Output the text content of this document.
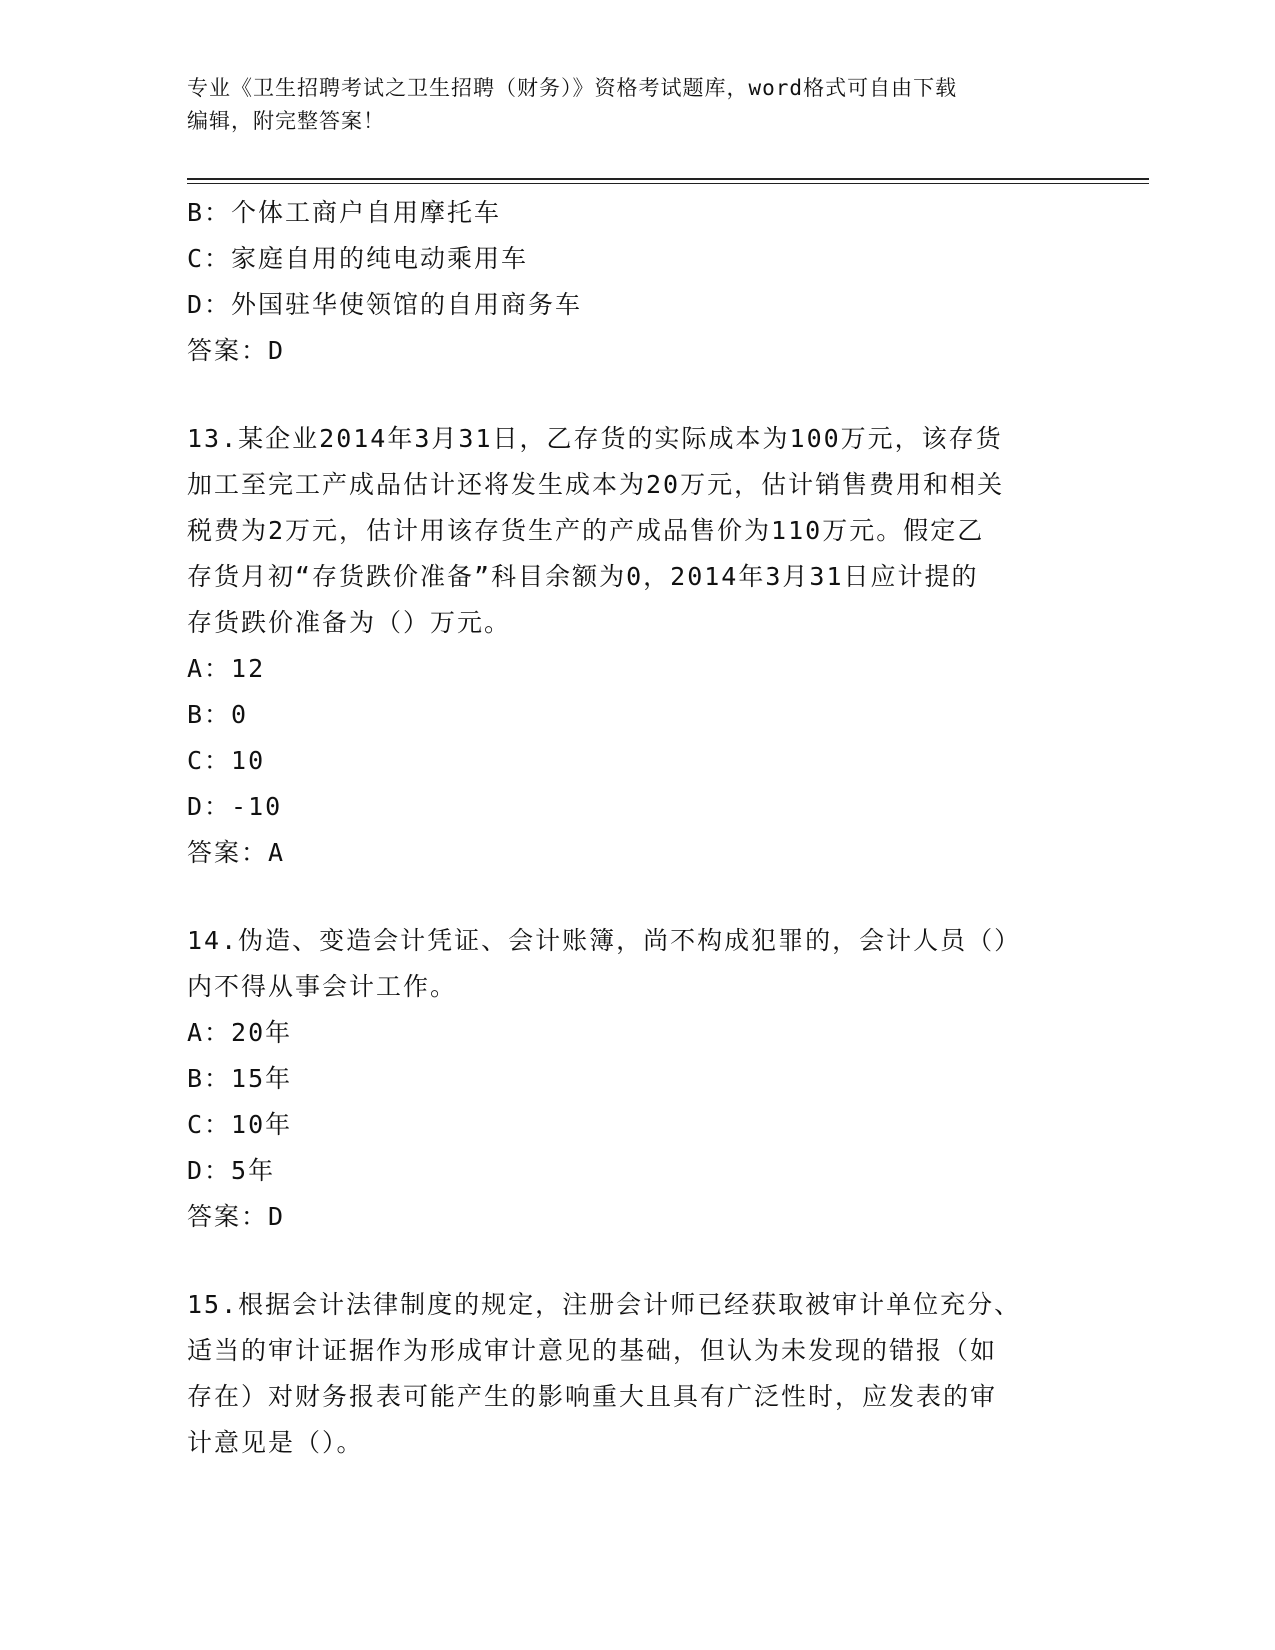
专业《卫生招聘考试之卫生招聘（财务）》资格考试题库，word格式可自由下载
编辑，附完整答案！
B：个体工商户自用摩托车
C：家庭自用的纯电动乘用车
D：外国驻华使领馆的自用商务车
答案：D
13.某企业2014年3月31日，乙存货的实际成本为100万元，该存货
加工至完工产成品估计还将发生成本为20万元，估计销售费用和相关
税费为2万元，估计用该存货生产的产成品售价为110万元。假定乙
存货月初“存货跌价准备”科目余额为0，2014年3月31日应计提的
存货跌价准备为（）万元。
A：12
B：0
C：10
D：-10
答案：A
14.伪造、变造会计凭证、会计账簿，尚不构成犯罪的，会计人员（）
内不得从事会计工作。
A：20年
B：15年
C：10年
D：5年
答案：D
15.根据会计法律制度的规定，注册会计师已经获取被审计单位充分、
适当的审计证据作为形成审计意见的基础，但认为未发现的错报（如
存在）对财务报表可能产生的影响重大且具有广泛性时，应发表的审
计意见是（）。
